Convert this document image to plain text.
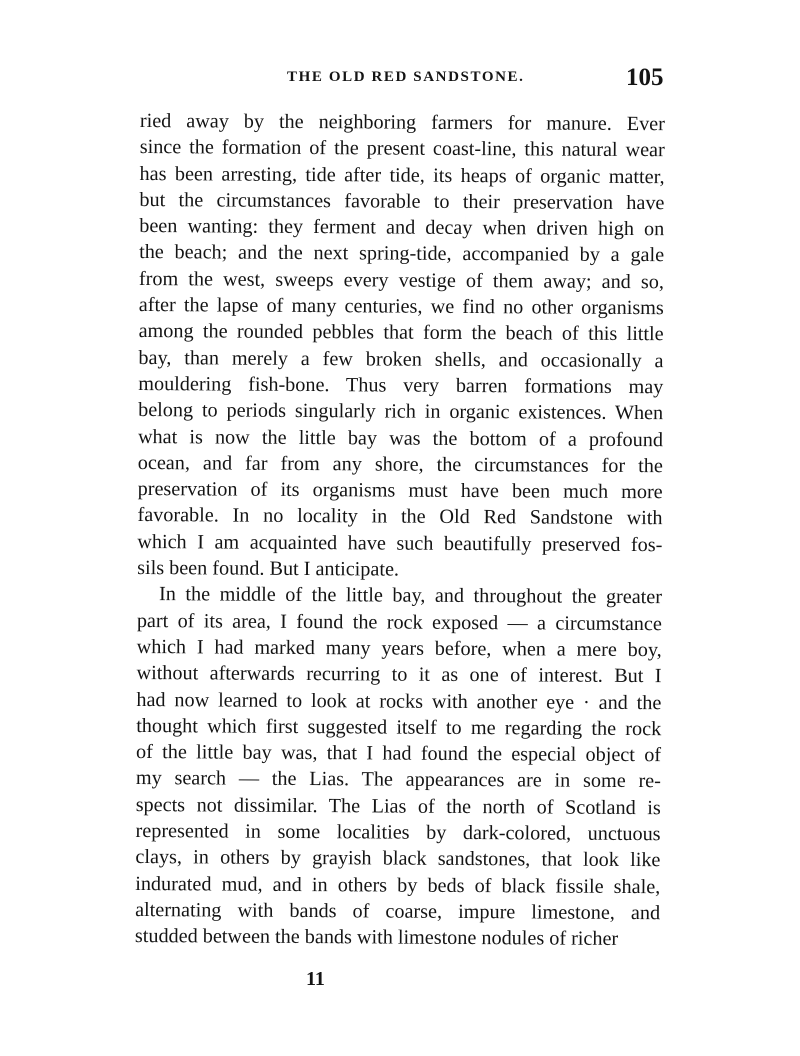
THE OLD RED SANDSTONE.	105
ried away by the neighboring farmers for manure. Ever
since the formation of the present coast-line, this natural wear
has been arresting, tide after tide, its heaps of organic matter,
but the circumstances favorable to their preservation have
been wanting: they ferment and decay when driven high on
the beach; and the next spring-tide, accompanied by a gale
from the west, sweeps every vestige of them away; and so,
after the lapse of many centuries, we find no other organisms
among the rounded pebbles that form the beach of this little
bay, than merely a few broken shells, and occasionally a
mouldering fish-bone. Thus very barren formations may
belong to periods singularly rich in organic existences. When
what is now the little bay was the bottom of a profound
ocean, and far from any shore, the circumstances for the
preservation of its organisms must have been much more
favorable. In no locality in the Old Red Sandstone with
which I am acquainted have such beautifully preserved fos-
sils been found. But I anticipate.
In the middle of the little bay, and throughout the greater
part of its area, I found the rock exposed — a circumstance
which I had marked many years before, when a mere boy,
without afterwards recurring to it as one of interest. But I
had now learned to look at rocks with another eye · and the
thought which first suggested itself to me regarding the rock
of the little bay was, that I had found the especial object of
my search — the Lias. The appearances are in some re-
spects not dissimilar. The Lias of the north of Scotland is
represented in some localities by dark-colored, unctuous
clays, in others by grayish black sandstones, that look like
indurated mud, and in others by beds of black fissile shale,
alternating with bands of coarse, impure limestone, and
studded between the bands with limestone nodules of richer
11
